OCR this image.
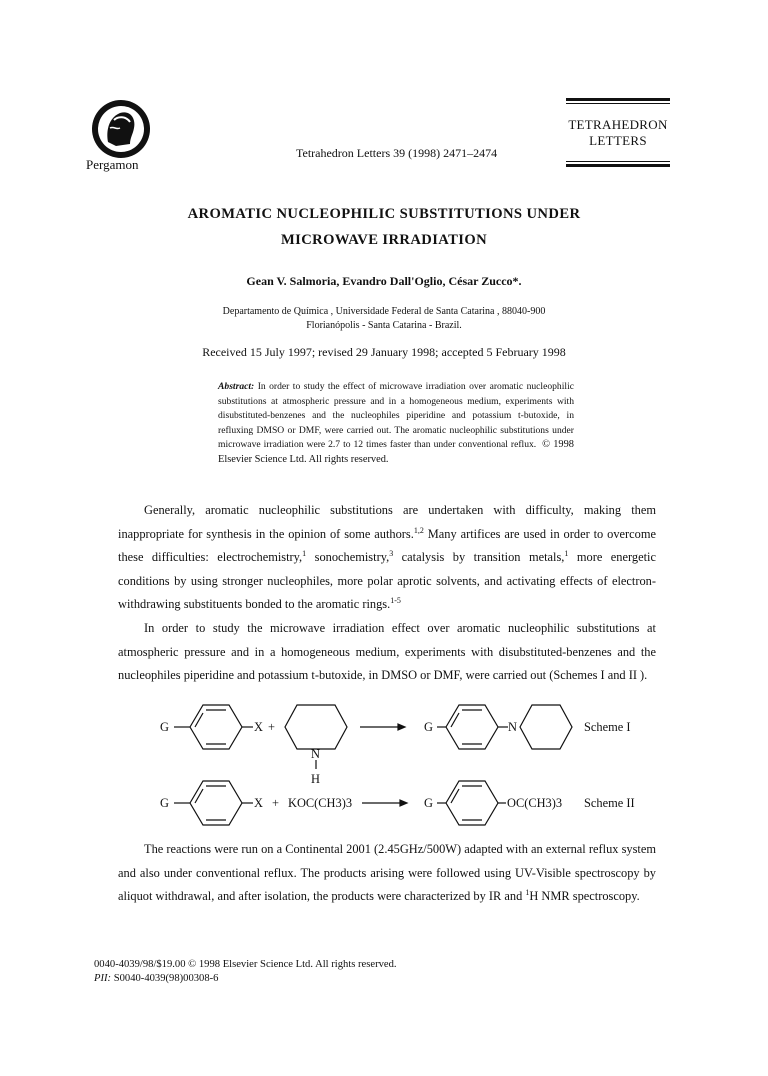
Pergamon
Tetrahedron Letters 39 (1998) 2471–2474
TETRAHEDRON
LETTERS
AROMATIC NUCLEOPHILIC SUBSTITUTIONS UNDER
MICROWAVE IRRADIATION
Gean V. Salmoria, Evandro Dall'Oglio, César Zucco*.
Departamento de Química , Universidade Federal de Santa Catarina , 88040-900
Florianópolis - Santa Catarina - Brazil.
Received 15 July 1997; revised 29 January 1998; accepted 5 February 1998
Abstract: In order to study the effect of microwave irradiation over aromatic nucleophilic substitutions at atmospheric pressure and in a homogeneous medium, experiments with disubstituted-benzenes and the nucleophiles piperidine and potassium t-butoxide, in refluxing DMSO or DMF, were carried out. The aromatic nucleophilic substitutions under microwave irradiation were 2.7 to 12 times faster than under conventional reflux. © 1998 Elsevier Science Ltd. All rights reserved.

Generally, aromatic nucleophilic substitutions are undertaken with difficulty, making them inappropriate for synthesis in the opinion of some authors.$^{1,2}$ Many artifices are used in order to overcome these difficulties: electrochemistry,$^1$ sonochemistry,$^3$ catalysis by transition metals,$^1$ more energetic conditions by using stronger nucleophiles, more polar aprotic solvents, and activating effects of electron-withdrawing substituents bonded to the aromatic rings.$^{1-5}$

In order to study the microwave irradiation effect over aromatic nucleophilic substitutions at atmospheric pressure and in a homogeneous medium, experiments with disubstituted-benzenes and the nucleophiles piperidine and potassium t-butoxide, in DMSO or DMF, were carried out (Schemes I and II ).

G	X +
N
H
G	N	Scheme I
G	X + KOC(CH3)3	G	OC(CH3)3 Scheme II

The reactions were run on a Continental 2001 (2.45GHz/500W) adapted with an external reflux system and also under conventional reflux. The products arising were followed using UV-Visible spectroscopy by aliquot withdrawal, and after isolation, the products were characterized by IR and $^1$H NMR spectroscopy.

0040-4039/98/$19.00 © 1998 Elsevier Science Ltd. All rights reserved.
PII: S0040-4039(98)00308-6
